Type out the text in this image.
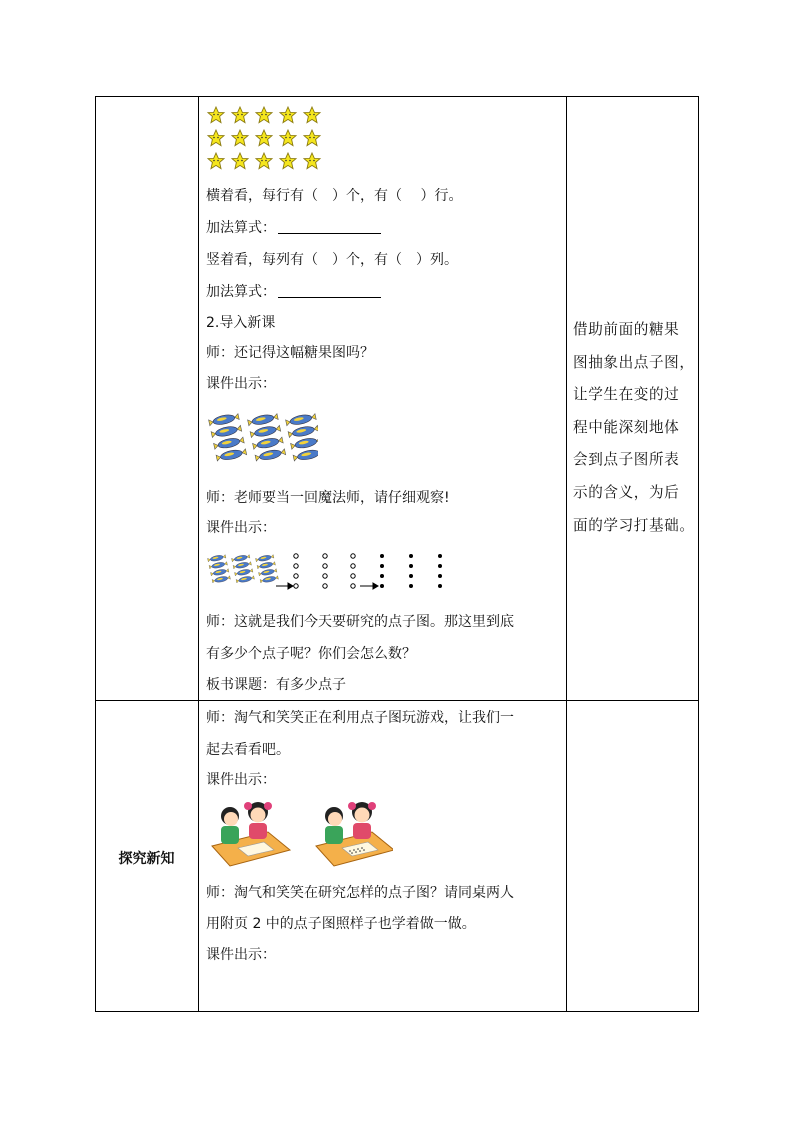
探究新知
横着看，每行有（　）个，有（　 ）行。
加法算式：
竖着看，每列有（　）个，有（　）列。
加法算式：
2.导入新课
师：还记得这幅糖果图吗？
课件出示：
师：老师要当一回魔法师，请仔细观察!
课件出示：
师：这就是我们今天要研究的点子图。那这里到底
有多少个点子呢？你们会怎么数？
板书课题：有多少点子
师：淘气和笑笑正在利用点子图玩游戏，让我们一
起去看看吧。
课件出示：
师：淘气和笑笑在研究怎样的点子图？请同桌两人
用附页 2 中的点子图照样子也学着做一做。
课件出示：
借助前面的糖果
图抽象出点子图，
让学生在变的过
程中能深刻地体
会到点子图所表
示的含义，为后
面的学习打基础。
